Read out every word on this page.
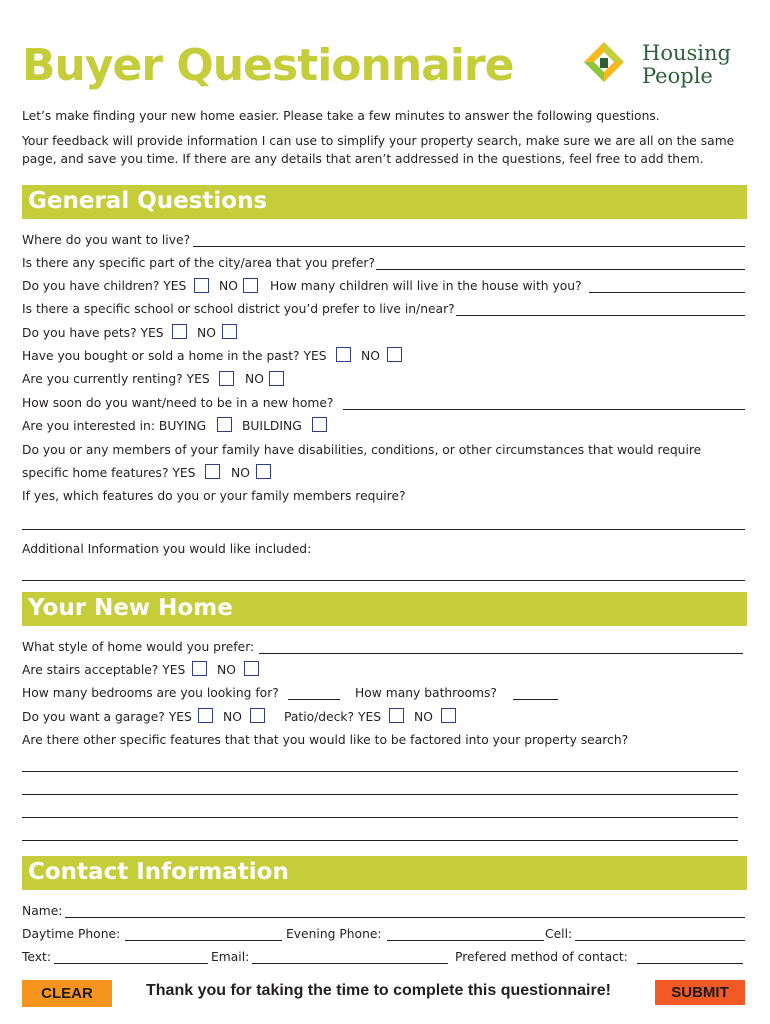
Buyer Questionnaire	Housing
People
Let’s make finding your new home easier. Please take a few minutes to answer the following questions.
Your feedback will provide information I can use to simplify your property search, make sure we are all on the same
page, and save you time. If there are any details that aren’t addressed in the questions, feel free to add them.
General Questions
Where do you want to live?
Is there any specific part of the city/area that you prefer?
Do you have children? YES	NO	How many children will live in the house with you?
Is there a specific school or school district you’d prefer to live in/near?
Do you have pets? YES	NO
Have you bought or sold a home in the past? YES	NO
Are you currently renting? YES	NO
How soon do you want/need to be in a new home?
Are you interested in: BUYING	BUILDING
Do you or any members of your family have disabilities, conditions, or other circumstances that would require
specific home features? YES	NO
If yes, which features do you or your family members require?
Additional Information you would like included:
Your New Home
What style of home would you prefer:
Are stairs acceptable? YES	NO
How many bedrooms are you looking for?	How many bathrooms?
Do you want a garage? YES	NO	Patio/deck? YES	NO
Are there other specific features that that you would like to be factored into your property search?
Contact Information
Name:
Daytime Phone:	Evening Phone:	Cell:
Text:	Email:	Prefered method of contact:
CLEAR	Thank you for taking the time to complete this questionnaire!	SUBMIT
